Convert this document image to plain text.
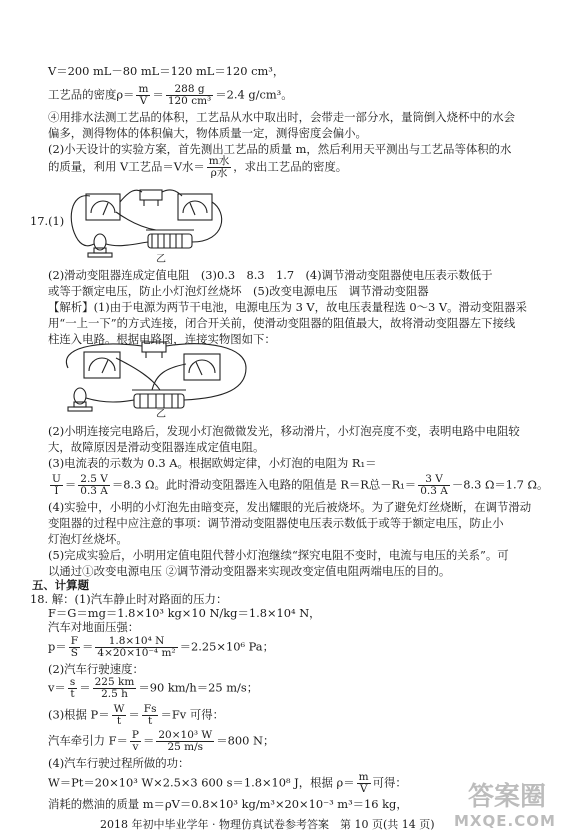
V＝200 mL－80 mL＝120 mL＝120 cm³，
工艺品的密度$\rho= \frac{m}{V} = \frac{288 g}{\text{120 cm³}} =2.4$ g/cm³。
④用排水法测工艺品的体积，工艺品从水中取出时，会带走一部分水，量筒倒入烧杯中的水会
偏多，测得物体的体积偏大，物体质量一定，测得密度会偏小。
(2)小天设计的实验方案，首先测出工艺品的质量 m，然后利用天平测出与工艺品等体积的水
的质量，利用 V工艺品＝V水＝ $\frac{\text{m水}}{\text{ρ水}}$ ，求出工艺品的密度。
17.(1)
乙
(2)滑动变阻器连成定值电阻　(3)0.3　8.3　1.7　(4)调节滑动变阻器使电压表示数低于
或等于额定电压，防止小灯泡灯丝烧坏　(5)改变电源电压　调节滑动变阻器
【解析】(1)由于电源为两节干电池，电源电压为 3 V，故电压表量程选 0～3 V。滑动变阻器采
用“一上一下”的方式连接，闭合开关前，使滑动变阻器的阻值最大，故将滑动变阻器左下接线
柱连入电路。根据电路图，连接实物图如下：
乙
(2)小明连接完电路后，发现小灯泡微微发光，移动滑片，小灯泡亮度不变，表明电路中电阻较
大，故障原因是滑动变阻器连成定值电阻。
(3)电流表的示数为 0.3 A。根据欧姆定律，小灯泡的电阻为 R₁＝
$\frac{U}{I} = \frac{2.5 V}{0.3 A} =8.3$ Ω。此时滑动变阻器连入电路的阻值是 R＝R总$-R_1= \frac{3 V}{0.3 A} -8.3$ Ω＝1.7 Ω。
(4)实验中，小明的小灯泡先由暗变亮，发出耀眼的光后被烧坏。为了避免灯丝烧断，在调节滑动
变阻器的过程中应注意的事项：调节滑动变阻器使电压表示数低于或等于额定电压，防止小
灯泡灯丝烧坏。
(5)完成实验后，小明用定值电阻代替小灯泡继续“探究电阻不变时，电流与电压的关系”。可
以通过①改变电源电压 ②调节滑动变阻器来实现改变定值电阻两端电压的目的。
五、计算题
18. 解：(1)汽车静止时对路面的压力：
F＝G＝mg＝1.8×10³ kg×10 N/kg＝1.8×10⁴ N，
汽车对地面压强：
$p= \frac{F}{S} = \frac{\text{1.8×10⁴ N}}{\text{4×20×10⁻⁴ m²}} =2.25\times 10^6$ Pa；
(2)汽车行驶速度：
$v= \frac{s}{t} = \frac{225 km}{2.5 h} =90$ km/h＝25 m/s；
(3)根据 $P= \frac{W}{t} = \frac{Fs}{t} =Fv$ 可得：
汽车牵引力 $F= \frac{P}{v} = \frac{\text{20×10³ W}}{25 m/s} =800$ N；
(4)汽车行驶过程所做的功：
W＝Pt＝20×10³ W×2.5×3 600 s＝1.8×10⁸ J，根据 $\rho= \frac{m}{V}$ 可得：
消耗的燃油的质量 m＝ρV＝0.8×10³ kg/m³×20×10⁻³ m³＝16 kg，
2018 年初中毕业学年 · 物理仿真试卷参考答案　第 10 页(共 14 页)
答案圈
MXQE.COM
